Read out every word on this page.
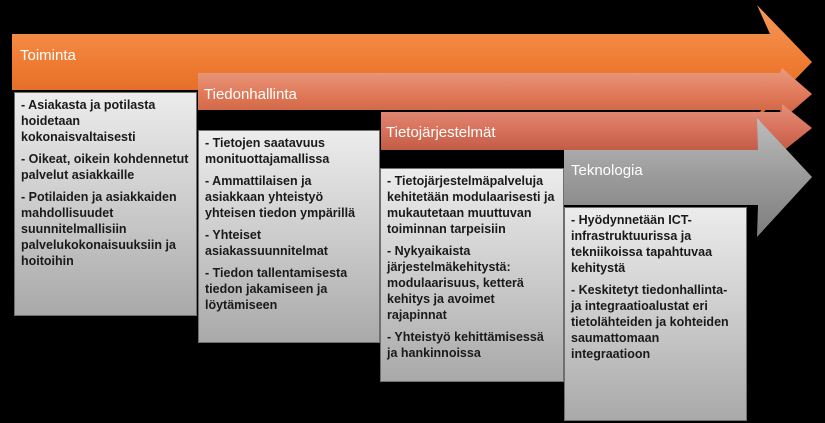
Toiminta
Tiedonhallinta
Tietojärjestelmät
Teknologia
- Asiakasta ja potilasta hoidetaan kokonaisvaltaisesti
- Oikeat, oikein kohdennetut palvelut asiakkaille
- Potilaiden ja asiakkaiden mahdollisuudet suunnitelmallisiin palvelukokonaisuuksiin ja hoitoihin
- Tietojen saatavuus monituottajamallissa
- Ammattilaisen ja asiakkaan yhteistyö yhteisen tiedon ympärillä
- Yhteiset asiakassuunnitelmat
- Tiedon tallentamisesta tiedon jakamiseen ja löytämiseen
- Tietojärjestelmäpalveluja kehitetään modulaarisesti ja mukautetaan muuttuvan toiminnan tarpeisiin
- Nykyaikaista järjestelmäkehitystä: modulaarisuus, ketterä kehitys ja avoimet rajapinnat
- Yhteistyö kehittämisessä ja hankinnoissa
- Hyödynnetään ICT-infrastruktuurissa ja tekniikoissa tapahtuvaa kehitystä
- Keskitetyt tiedonhallinta- ja integraatioalustat eri tietolähteiden ja kohteiden saumattomaan integraatioon
